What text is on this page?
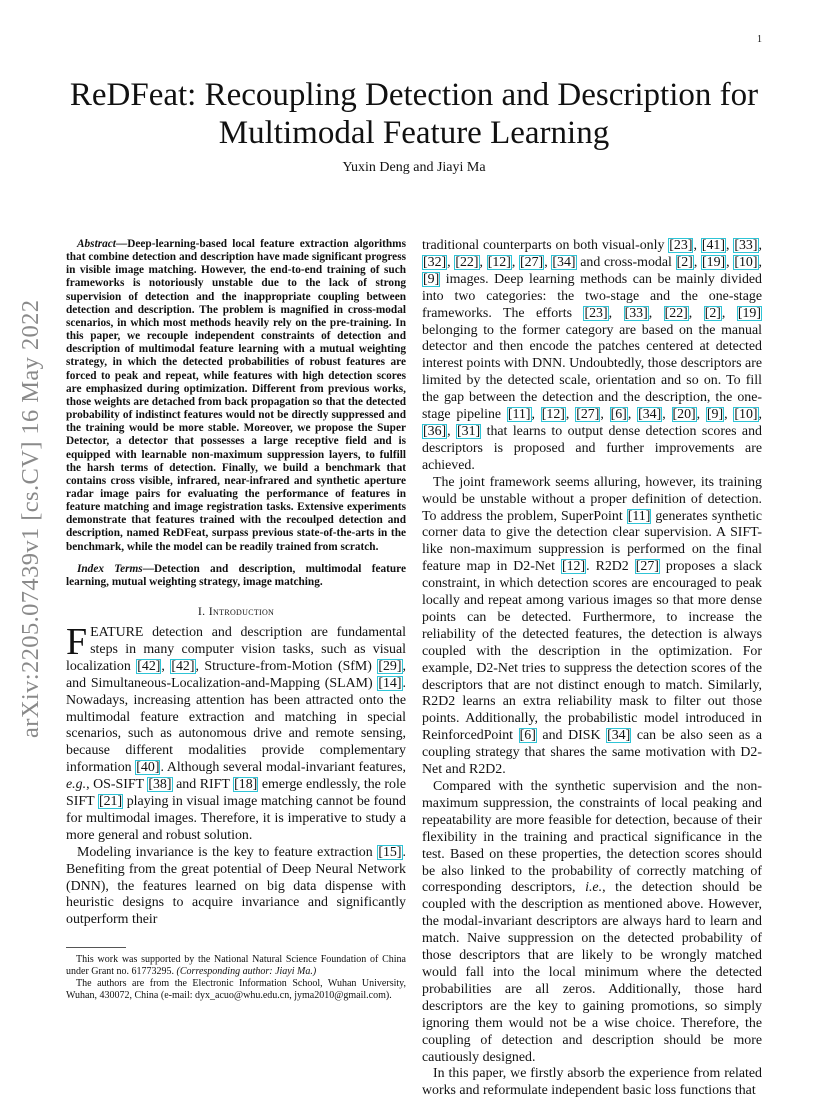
1
arXiv:2205.07439v1 [cs.CV] 16 May 2022
ReDFeat: Recoupling Detection and Description for
Multimodal Feature Learning
Yuxin Deng and Jiayi Ma

Abstract—Deep-learning-based local feature extraction algorithms that combine detection and description have made significant progress in visible image matching. However, the end-to-end training of such frameworks is notoriously unstable due to the lack of strong supervision of detection and the inappropriate coupling between detection and description. The problem is magnified in cross-modal scenarios, in which most methods heavily rely on the pre-training. In this paper, we recouple independent constraints of detection and description of multimodal feature learning with a mutual weighting strategy, in which the detected probabilities of robust features are forced to peak and repeat, while features with high detection scores are emphasized during optimization. Different from previous works, those weights are detached from back propagation so that the detected probability of indistinct features would not be directly suppressed and the training would be more stable. Moreover, we propose the Super Detector, a detector that possesses a large receptive field and is equipped with learnable non-maximum suppression layers, to fulfill the harsh terms of detection. Finally, we build a benchmark that contains cross visible, infrared, near-infrared and synthetic aperture radar image pairs for evaluating the performance of features in feature matching and image registration tasks. Extensive experiments demonstrate that features trained with the recoulped detection and description, named ReDFeat, surpass previous state-of-the-arts in the benchmark, while the model can be readily trained from scratch.

Index Terms—Detection and description, multimodal feature learning, mutual weighting strategy, image matching.

I. Introduction

FEATURE detection and description are fundamental steps in many computer vision tasks, such as visual localization [42], [42], Structure-from-Motion (SfM) [29], and Simultaneous-Localization-and-Mapping (SLAM) [14]. Nowadays, increasing attention has been attracted onto the multimodal feature extraction and matching in special scenarios, such as autonomous drive and remote sensing, because different modalities provide complementary information [40]. Although several modal-invariant features, e.g., OS-SIFT [38] and RIFT [18] emerge endlessly, the role SIFT [21] playing in visual image matching cannot be found for multimodal images. Therefore, it is imperative to study a more general and robust solution.

Modeling invariance is the key to feature extraction [15]. Benefiting from the great potential of Deep Neural Network (DNN), the features learned on big data dispense with heuristic designs to acquire invariance and significantly outperform their

This work was supported by the National Natural Science Foundation of China under Grant no. 61773295. (Corresponding author: Jiayi Ma.)

The authors are from the Electronic Information School, Wuhan University, Wuhan, 430072, China (e-mail: dyx_acuo@whu.edu.cn, jyma2010@gmail.com).

traditional counterparts on both visual-only [23], [41], [33], [32], [22], [12], [27], [34] and cross-modal [2], [19], [10], [9] images. Deep learning methods can be mainly divided into two categories: the two-stage and the one-stage frameworks. The efforts [23], [33], [22], [2], [19] belonging to the former category are based on the manual detector and then encode the patches centered at detected interest points with DNN. Undoubtedly, those descriptors are limited by the detected scale, orientation and so on. To fill the gap between the detection and the description, the one-stage pipeline [11], [12], [27], [6], [34], [20], [9], [10], [36], [31] that learns to output dense detection scores and descriptors is proposed and further improvements are achieved.

The joint framework seems alluring, however, its training would be unstable without a proper definition of detection. To address the problem, SuperPoint [11] generates synthetic corner data to give the detection clear supervision. A SIFT-like non-maximum suppression is performed on the final feature map in D2-Net [12]. R2D2 [27] proposes a slack constraint, in which detection scores are encouraged to peak locally and repeat among various images so that more dense points can be detected. Furthermore, to increase the reliability of the detected features, the detection is always coupled with the description in the optimization. For example, D2-Net tries to suppress the detection scores of the descriptors that are not distinct enough to match. Similarly, R2D2 learns an extra reliability mask to filter out those points. Additionally, the probabilistic model introduced in ReinforcedPoint [6] and DISK [34] can be also seen as a coupling strategy that shares the same motivation with D2-Net and R2D2.

Compared with the synthetic supervision and the non-maximum suppression, the constraints of local peaking and repeatability are more feasible for detection, because of their flexibility in the training and practical significance in the test. Based on these properties, the detection scores should be also linked to the probability of correctly matching of corresponding descriptors, i.e., the detection should be coupled with the description as mentioned above. However, the modal-invariant descriptors are always hard to learn and match. Naive suppression on the detected probability of those descriptors that are likely to be wrongly matched would fall into the local minimum where the detected probabilities are all zeros. Additionally, those hard descriptors are the key to gaining promotions, so simply ignoring them would not be a wise choice. Therefore, the coupling of detection and description should be more cautiously designed.

In this paper, we firstly absorb the experience from related works and reformulate independent basic loss functions that
